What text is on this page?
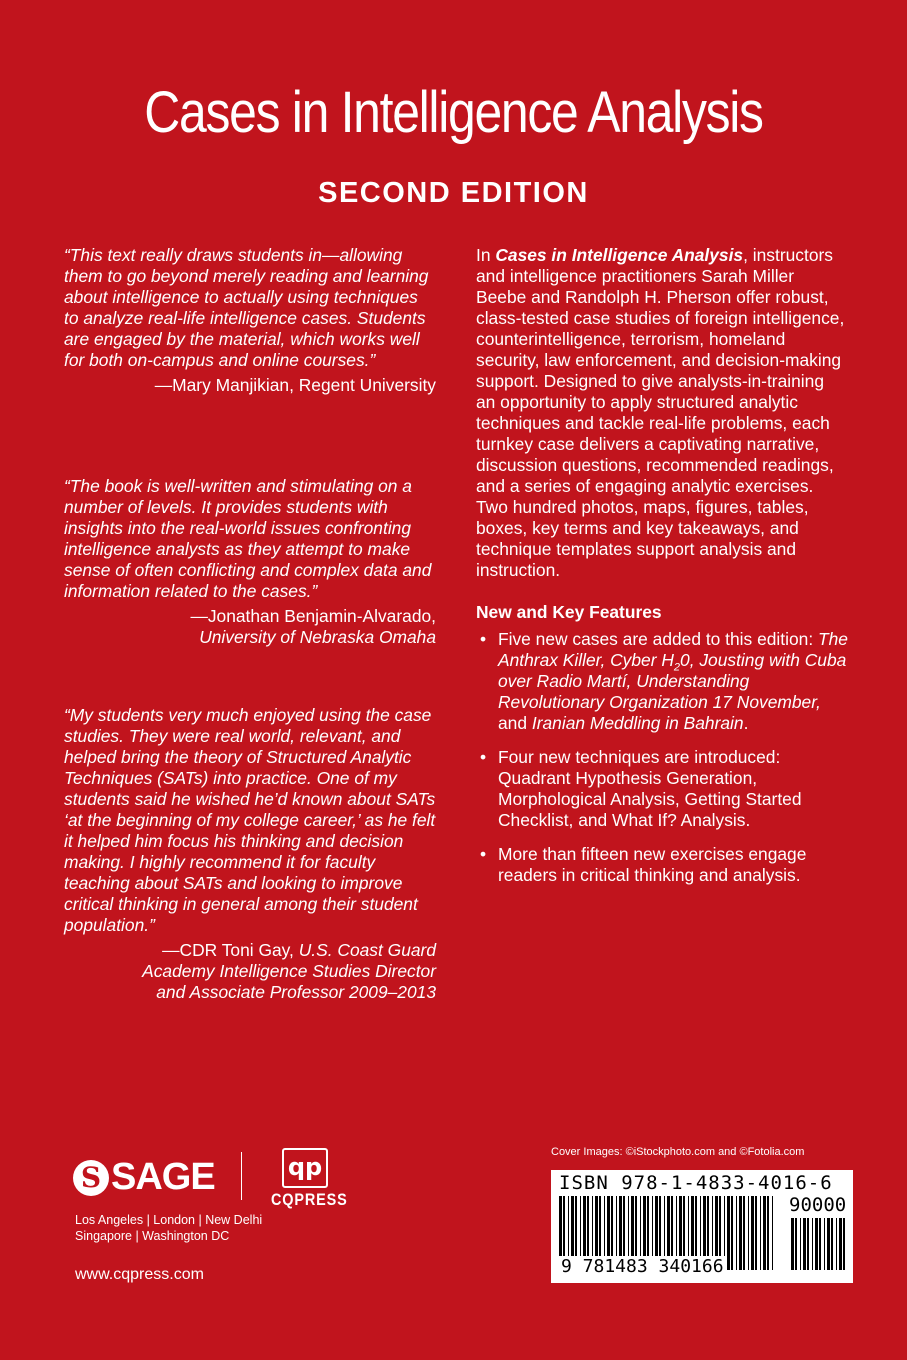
Cases in Intelligence Analysis
SECOND EDITION

“This text really draws students in—allowing them to go beyond merely reading and learning about intelligence to actually using techniques to analyze real-life intelligence cases. Students are engaged by the material, which works well for both on-campus and online courses.”

—Mary Manjikian, Regent University

“The book is well-written and stimulating on a number of levels. It provides students with insights into the real-world issues confronting intelligence analysts as they attempt to make sense of often conflicting and complex data and information related to the cases.”

—Jonathan Benjamin-Alvarado,
University of Nebraska Omaha

“My students very much enjoyed using the case studies. They were real world, relevant, and helped bring the theory of Structured Analytic Techniques (SATs) into practice. One of my students said he wished he’d known about SATs ‘at the beginning of my college career,’ as he felt it helped him focus his thinking and decision making. I highly recommend it for faculty teaching about SATs and looking to improve critical thinking in general among their student population.”

—CDR Toni Gay, U.S. Coast Guard Academy Intelligence Studies Director and Associate Professor 2009–2013

In Cases in Intelligence Analysis, instructors and intelligence practitioners Sarah Miller Beebe and Randolph H. Pherson offer robust, class-tested case studies of foreign intelligence, counterintelligence, terrorism, homeland security, law enforcement, and decision-making support. Designed to give analysts-in-training an opportunity to apply structured analytic techniques and tackle real-life problems, each turnkey case delivers a captivating narrative, discussion questions, recommended readings, and a series of engaging analytic exercises. Two hundred photos, maps, figures, tables, boxes, key terms and key takeaways, and technique templates support analysis and instruction.

New and Key Features
• Five new cases are added to this edition: The Anthrax Killer, Cyber $H_20$, Jousting with Cuba over Radio Martí, Understanding Revolutionary Organization 17 November, and Iranian Meddling in Bahrain.
• Four new techniques are introduced: Quadrant Hypothesis Generation, Morphological Analysis, Getting Started Checklist, and What If? Analysis.
• More than fifteen new exercises engage readers in critical thinking and analysis.
S SAGE	qp
CQPRESS
Los Angeles | London | New Delhi
Singapore | Washington DC
www.cqpress.com
Cover Images: ©iStockphoto.com and ©Fotolia.com
ISBN 978-1-4833-4016-6
90000
9 781483 340166
